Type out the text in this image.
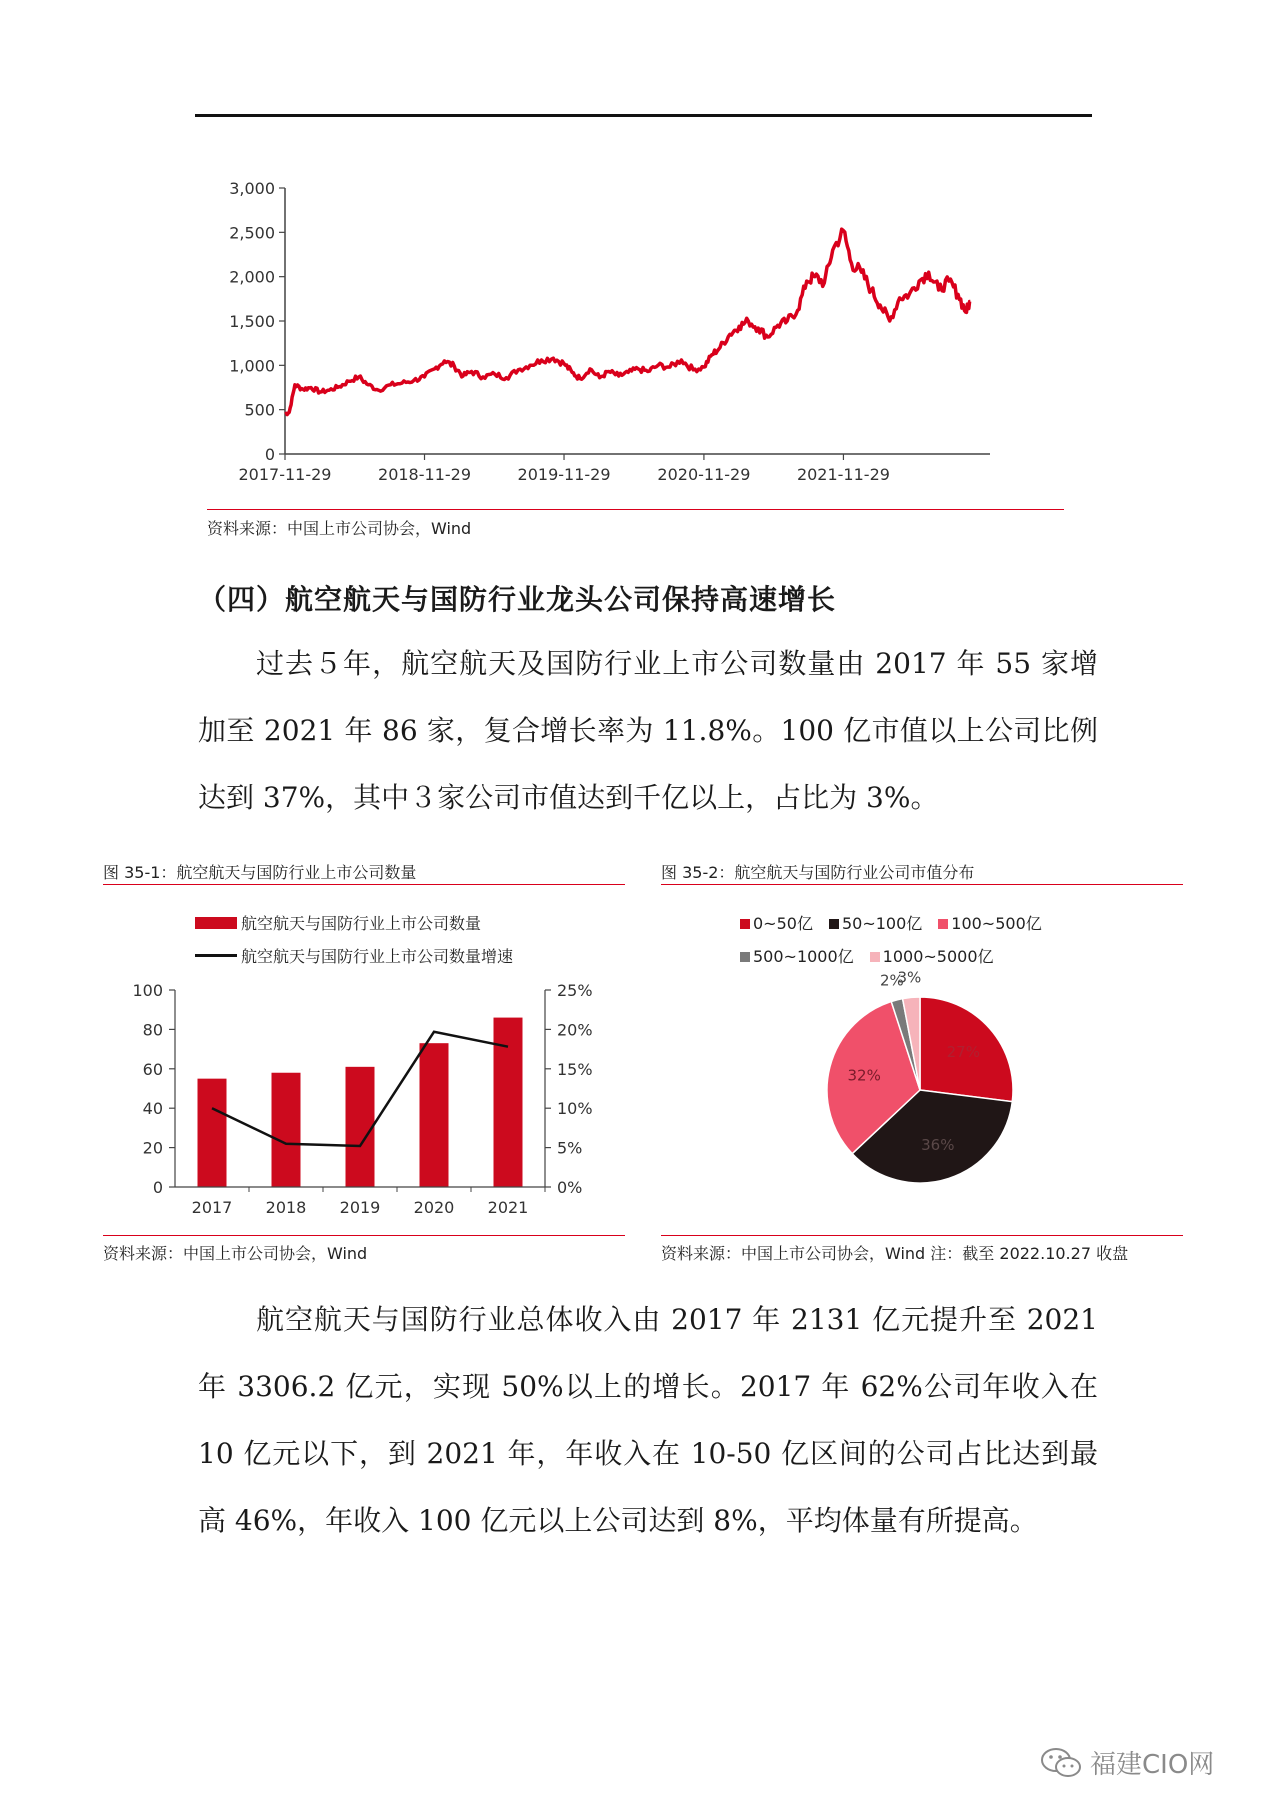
0
500
1,000
1,500
2,000
2,500
3,000
2017-11-29	2018-11-29	2019-11-29	2020-11-29	2021-11-29
资料来源：中国上市公司协会，Wind
（四）航空航天与国防行业龙头公司保持高速增长

过去５年，航空航天及国防行业上市公司数量由 2017 年 55 家增加至 2021 年 86 家，复合增长率为 11.8%。100 亿市值以上公司比例达到 37%，其中３家公司市值达到千亿以上，占比为 3%。

图 35-1：航空航天与国防行业上市公司数量
航空航天与国防行业上市公司数量
航空航天与国防行业上市公司数量增速
0
20
40
60
80
100
0%
5%
10%
15%
20%
25%
2017 2018 2019 2020 2021
资料来源：中国上市公司协会，Wind
图 35-2：航空航天与国防行业公司市值分布
0~50亿	50~100亿	100~500亿
500~1000亿	1000~5000亿
27%
36%
32%
2%
3%
资料来源：中国上市公司协会，Wind 注：截至 2022.10.27 收盘

航空航天与国防行业总体收入由 2017 年 2131 亿元提升至 2021 年 3306.2 亿元，实现 50%以上的增长。2017 年 62%公司年收入在 10 亿元以下，到 2021 年，年收入在 10-50 亿区间的公司占比达到最高 46%，年收入 100 亿元以上公司达到 8%，平均体量有所提高。

福建CIO网
